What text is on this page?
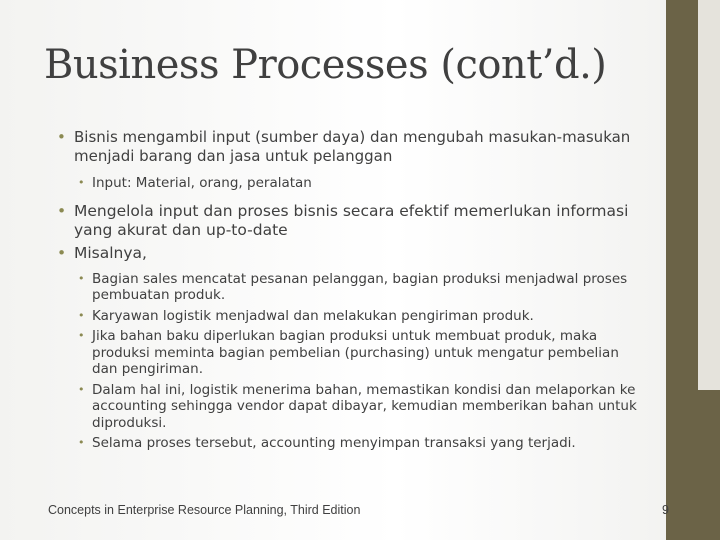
Business Processes (cont’d.)
• Bisnis mengambil input (sumber daya) dan mengubah masukan-masukan menjadi barang dan jasa untuk pelanggan
• Input: Material, orang, peralatan
• Mengelola input dan proses bisnis secara efektif memerlukan informasi yang akurat dan up-to-date
• Misalnya,
• Bagian sales mencatat pesanan pelanggan, bagian produksi menjadwal proses pembuatan produk.
• Karyawan logistik menjadwal dan melakukan pengiriman produk.
• Jika bahan baku diperlukan bagian produksi untuk membuat produk, maka produksi meminta bagian pembelian (purchasing) untuk mengatur pembelian dan pengiriman.
• Dalam hal ini, logistik menerima bahan, memastikan kondisi dan melaporkan ke accounting sehingga vendor dapat dibayar, kemudian memberikan bahan untuk diproduksi.
• Selama proses tersebut, accounting menyimpan transaksi yang terjadi.
Concepts in Enterprise Resource Planning, Third Edition	9
